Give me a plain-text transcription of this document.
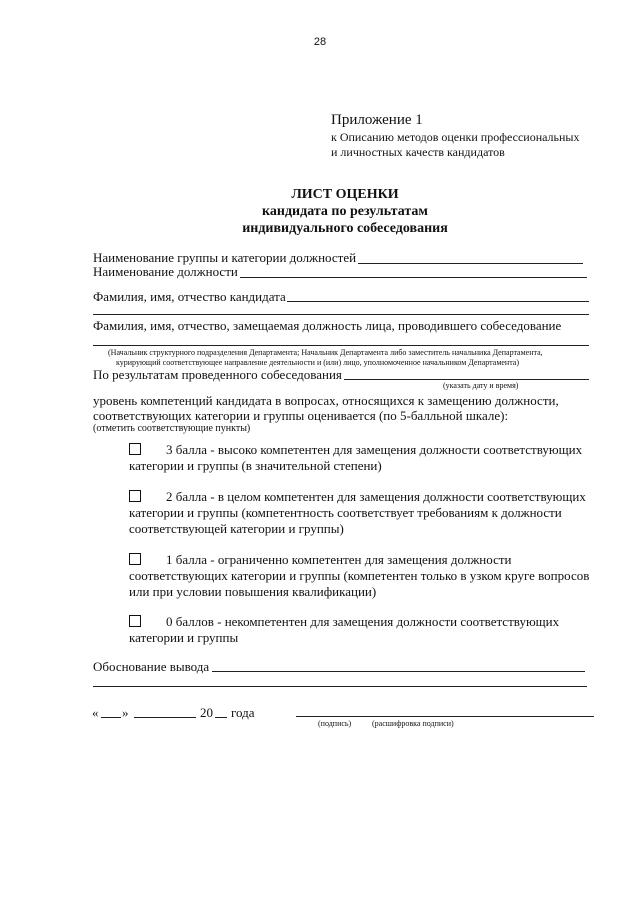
28
Приложение 1
к Описанию методов оценки профессиональных
и личностных качеств кандидатов
ЛИСТ ОЦЕНКИ
кандидата по результатам
индивидуального собеседования
Наименование группы и категории должностей
Наименование должности
Фамилия, имя, отчество кандидата
Фамилия, имя, отчество, замещаемая должность лица, проводившего собеседование
(Начальник структурного подразделения Департамента; Начальник Департамента либо заместитель начальника Департамента,
курирующий соответствующее направление деятельности и (или) лицо, уполномоченное начальником Департамента)
По результатам проведенного собеседования
(указать дату и время)
уровень компетенций кандидата в вопросах, относящихся к замещению должности,
соответствующих категории и группы оценивается (по 5-балльной шкале):
(отметить соответствующие пункты)
3 балла - высоко компетентен для замещения должности соответствующих
категории и группы (в значительной степени)
2 балла - в целом компетентен для замещения должности соответствующих
категории и группы (компетентность соответствует требованиям к должности
соответствующей категории и группы)
1 балла - ограниченно компетентен для замещения должности
соответствующих категории и группы (компетентен только в узком круге вопросов
или при условии повышения квалификации)
0 баллов - некомпетентен для замещения должности соответствующих
категории и группы
Обоснование вывода
« »	20 года
(подпись)	(расшифровка подписи)
